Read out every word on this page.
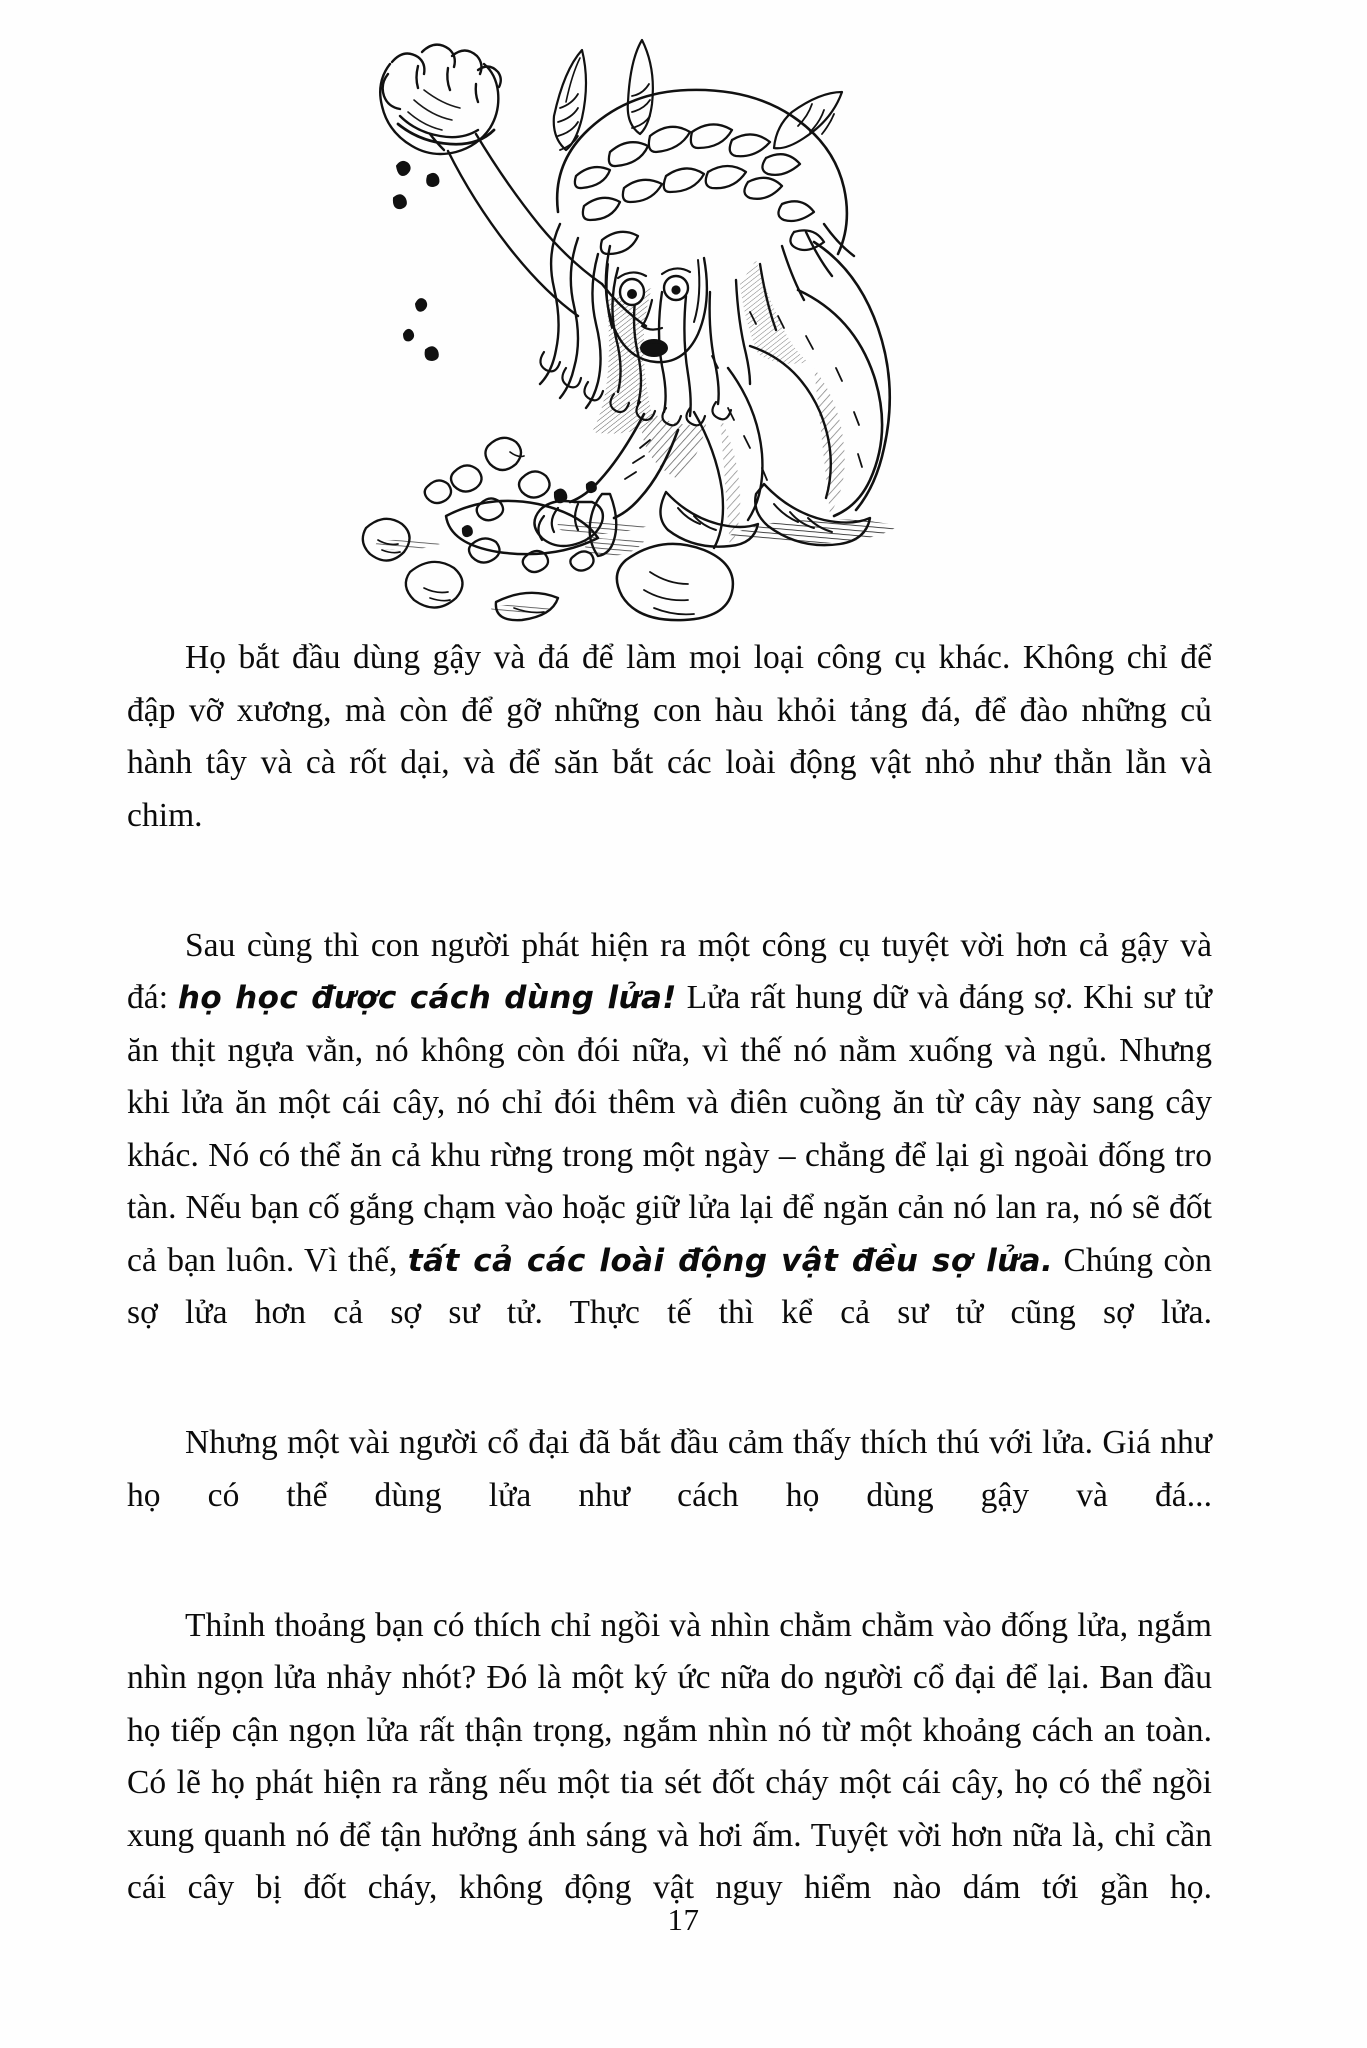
Họ bắt đầu dùng gậy và đá để làm mọi loại công cụ khác. Không chỉ để đập vỡ xương, mà còn để gỡ những con hàu khỏi tảng đá, để đào những củ hành tây và cà rốt dại, và để săn bắt các loài động vật nhỏ như thằn lằn và chim.

Sau cùng thì con người phát hiện ra một công cụ tuyệt vời hơn cả gậy và đá: họ học được cách dùng lửa! Lửa rất hung dữ và đáng sợ. Khi sư tử ăn thịt ngựa vằn, nó không còn đói nữa, vì thế nó nằm xuống và ngủ. Nhưng khi lửa ăn một cái cây, nó chỉ đói thêm và điên cuồng ăn từ cây này sang cây khác. Nó có thể ăn cả khu rừng trong một ngày – chẳng để lại gì ngoài đống tro tàn. Nếu bạn cố gắng chạm vào hoặc giữ lửa lại để ngăn cản nó lan ra, nó sẽ đốt cả bạn luôn. Vì thế, tất cả các loài động vật đều sợ lửa. Chúng còn sợ lửa hơn cả sợ sư tử. Thực tế thì kể cả sư tử cũng sợ lửa.

Nhưng một vài người cổ đại đã bắt đầu cảm thấy thích thú với lửa. Giá như họ có thể dùng lửa như cách họ dùng gậy và đá...

Thỉnh thoảng bạn có thích chỉ ngồi và nhìn chằm chằm vào đống lửa, ngắm nhìn ngọn lửa nhảy nhót? Đó là một ký ức nữa do người cổ đại để lại. Ban đầu họ tiếp cận ngọn lửa rất thận trọng, ngắm nhìn nó từ một khoảng cách an toàn. Có lẽ họ phát hiện ra rằng nếu một tia sét đốt cháy một cái cây, họ có thể ngồi xung quanh nó để tận hưởng ánh sáng và hơi ấm. Tuyệt vời hơn nữa là, chỉ cần cái cây bị đốt cháy, không động vật nguy hiểm nào dám tới gần họ.

17
